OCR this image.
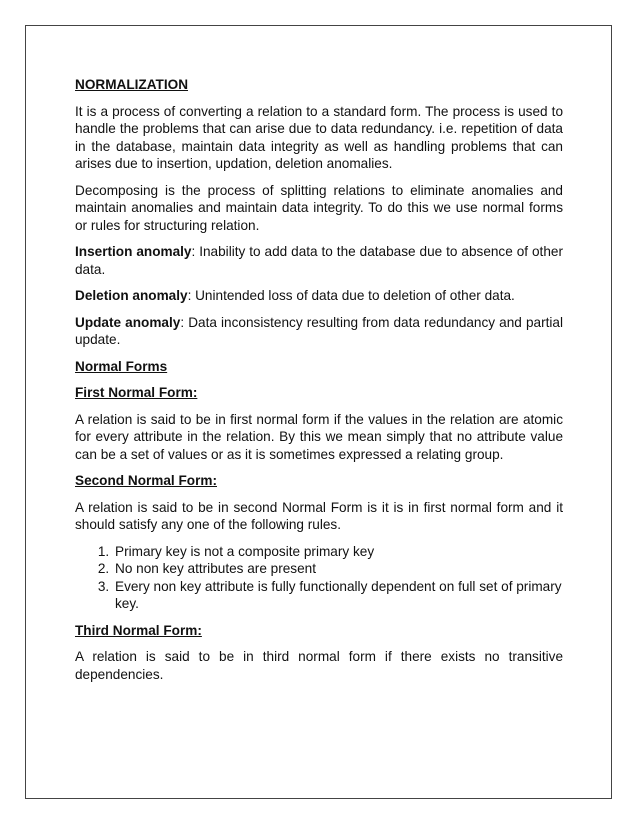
NORMALIZATION

It is a process of converting a relation to a standard form. The process is used to handle the problems that can arise due to data redundancy. i.e. repetition of data in the database, maintain data integrity as well as handling problems that can arises due to insertion, updation, deletion anomalies.

Decomposing is the process of splitting relations to eliminate anomalies and maintain anomalies and maintain data integrity. To do this we use normal forms or rules for structuring relation.

Insertion anomaly: Inability to add data to the database due to absence of other data.

Deletion anomaly: Unintended loss of data due to deletion of other data.

Update anomaly: Data inconsistency resulting from data redundancy and partial update.

Normal Forms
First Normal Form:

A relation is said to be in first normal form if the values in the relation are atomic for every attribute in the relation. By this we mean simply that no attribute value can be a set of values or as it is sometimes expressed a relating group.

Second Normal Form:

A relation is said to be in second Normal Form is it is in first normal form and it should satisfy any one of the following rules.

1. Primary key is not a composite primary key
2. No non key attributes are present
3. Every non key attribute is fully functionally dependent on full set of primary key.
Third Normal Form:

A relation is said to be in third normal form if there exists no transitive dependencies.
